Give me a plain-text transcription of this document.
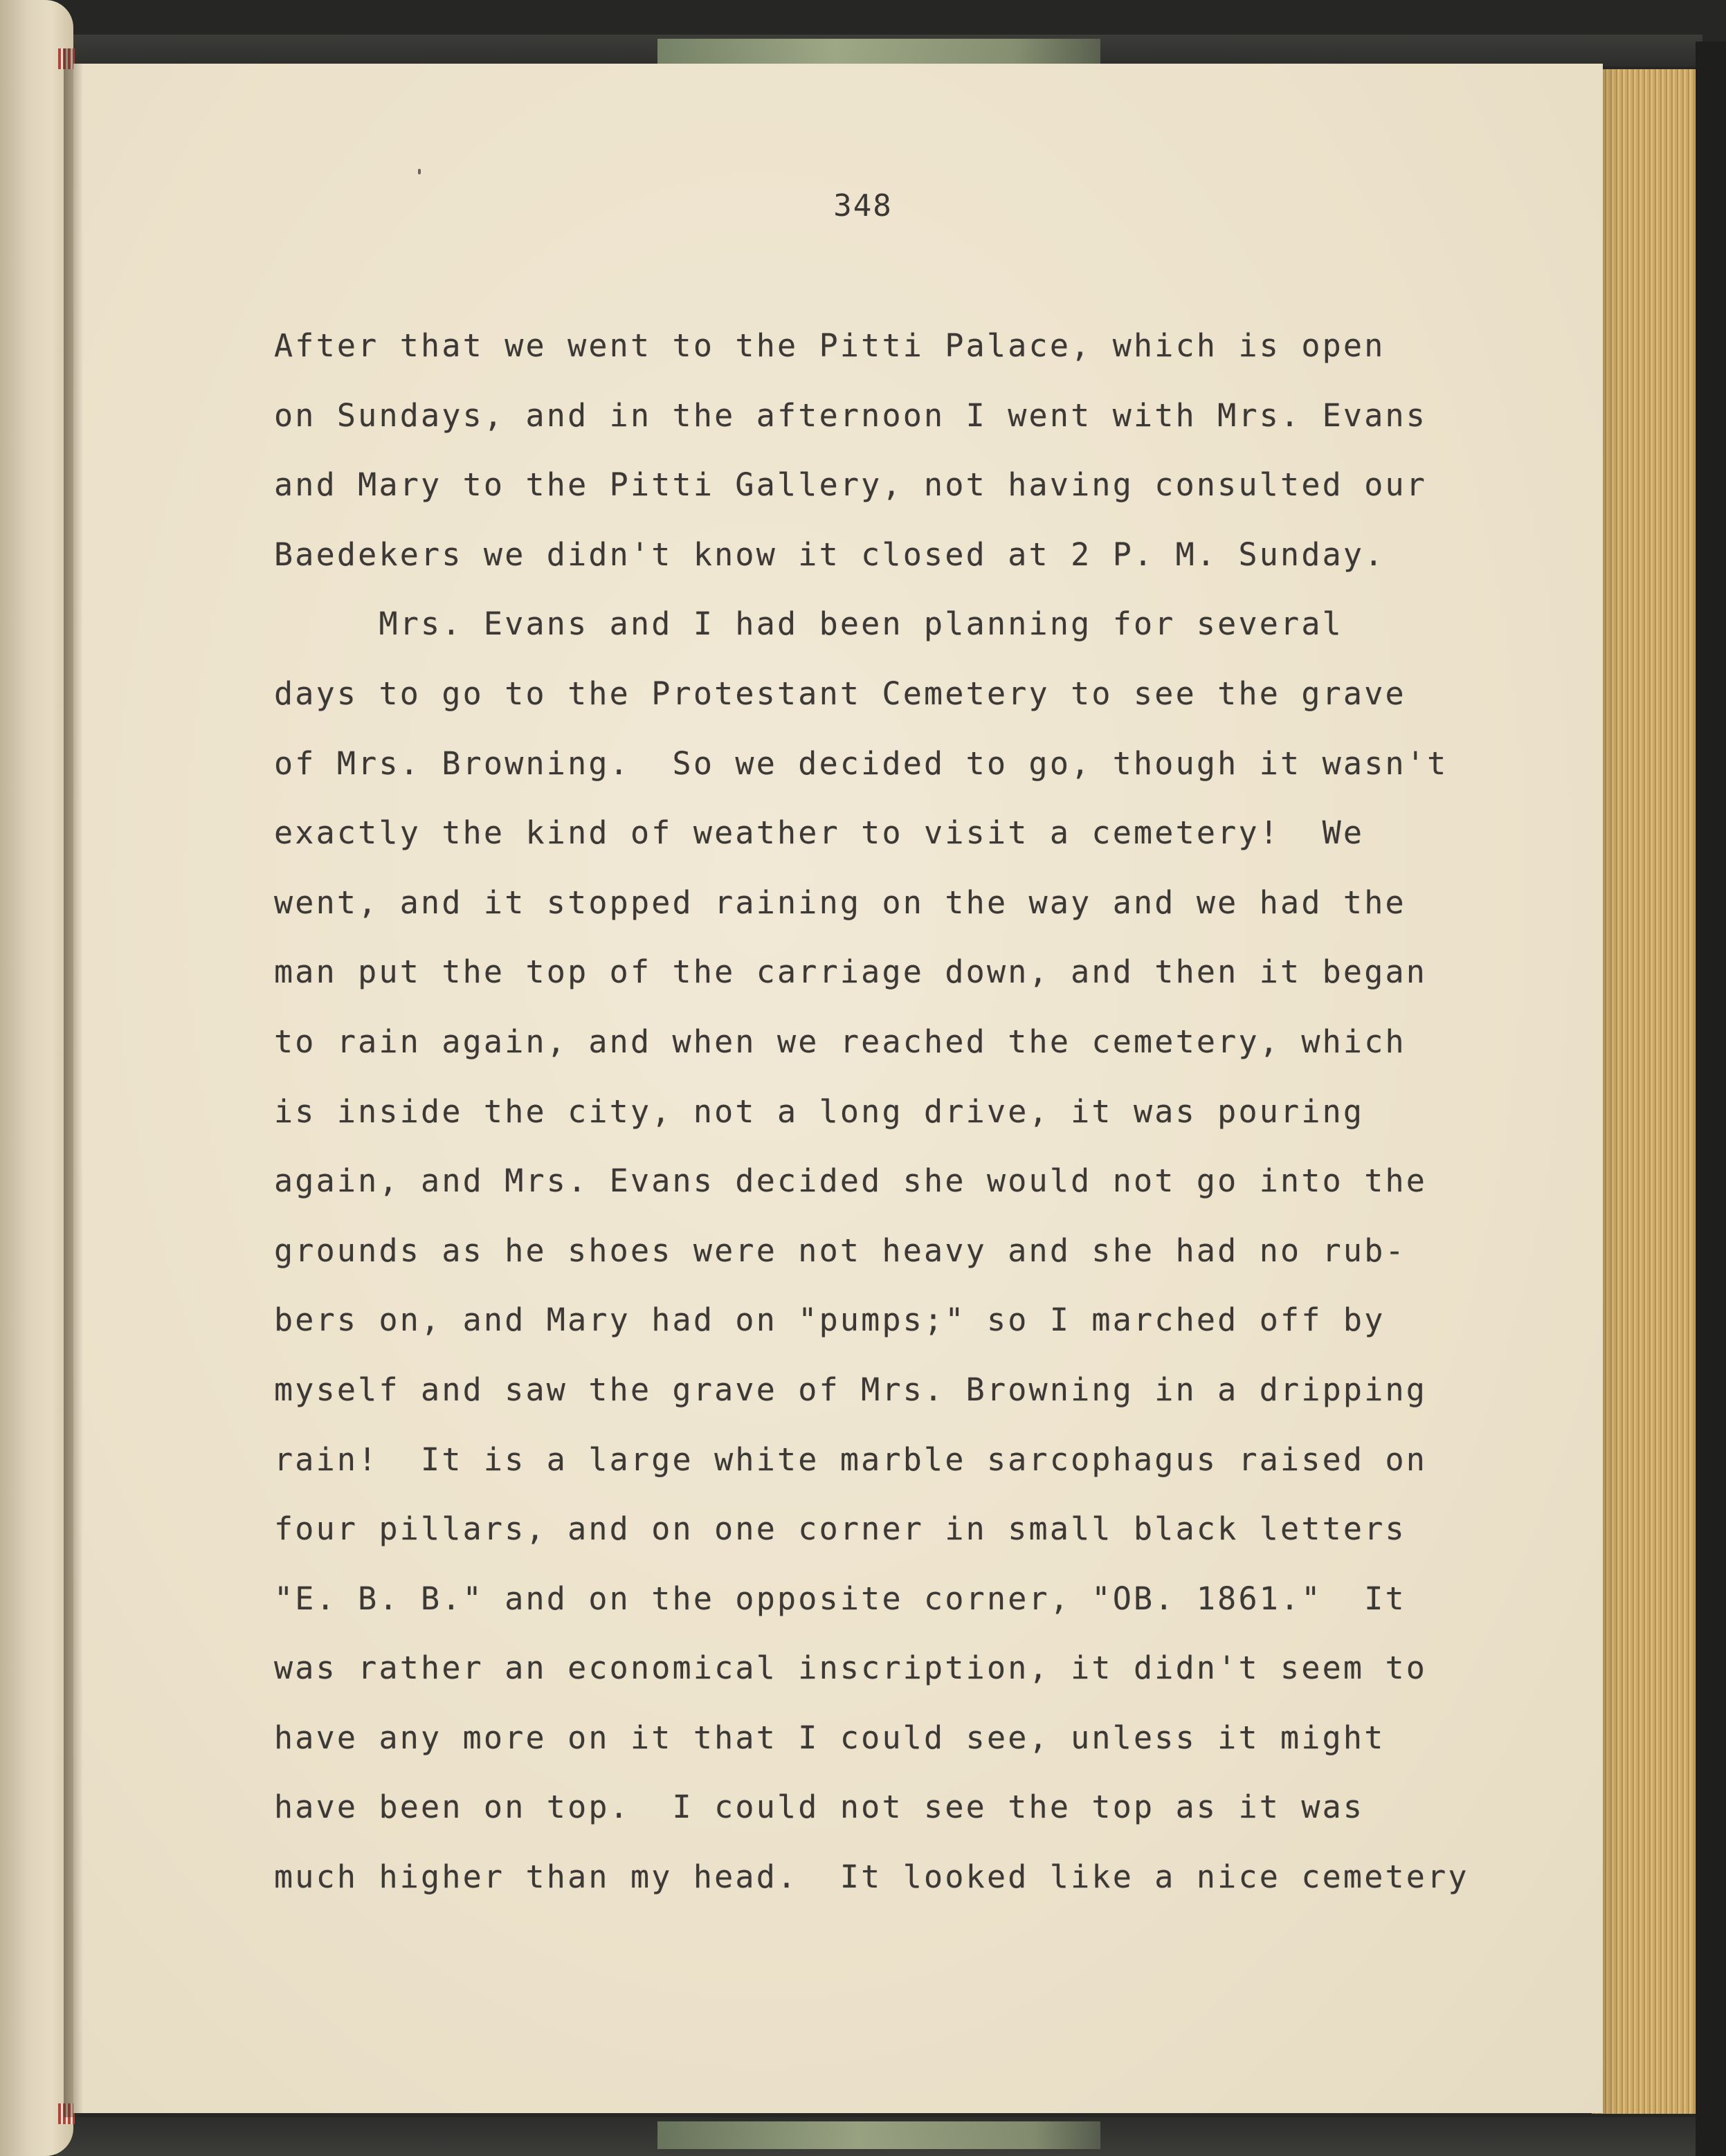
348
After that we went to the Pitti Palace, which is open
on Sundays, and in the afternoon I went with Mrs. Evans
and Mary to the Pitti Gallery, not having consulted our
Baedekers we didn't know it closed at 2 P. M. Sunday.
Mrs. Evans and I had been planning for several
days to go to the Protestant Cemetery to see the grave
of Mrs. Browning.  So we decided to go, though it wasn't
exactly the kind of weather to visit a cemetery!  We
went, and it stopped raining on the way and we had the
man put the top of the carriage down, and then it began
to rain again, and when we reached the cemetery, which
is inside the city, not a long drive, it was pouring
again, and Mrs. Evans decided she would not go into the
grounds as he shoes were not heavy and she had no rub-
bers on, and Mary had on "pumps;" so I marched off by
myself and saw the grave of Mrs. Browning in a dripping
rain!  It is a large white marble sarcophagus raised on
four pillars, and on one corner in small black letters
"E. B. B." and on the opposite corner, "OB. 1861."  It
was rather an economical inscription, it didn't seem to
have any more on it that I could see, unless it might
have been on top.  I could not see the top as it was
much higher than my head.  It looked like a nice cemetery
